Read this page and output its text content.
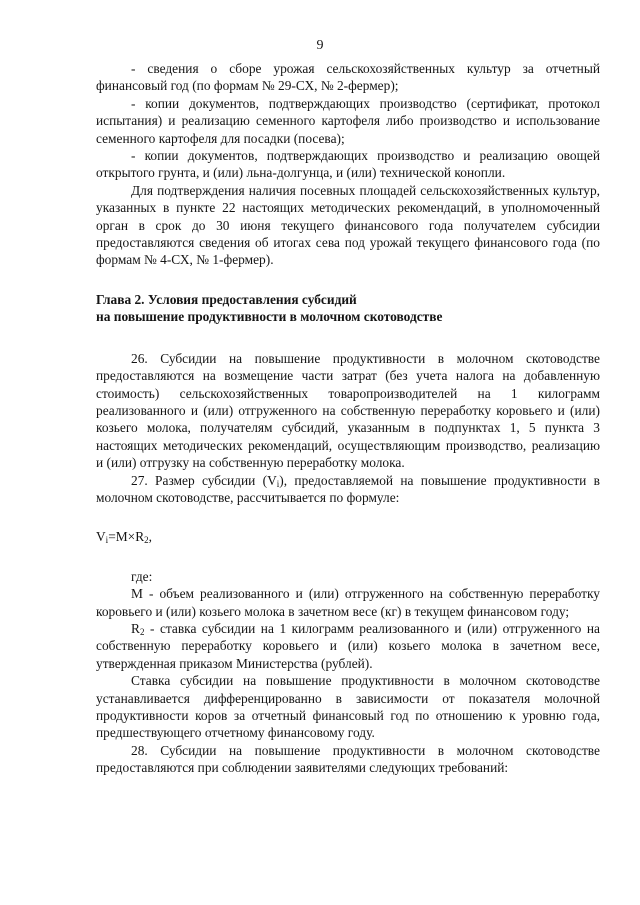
9

- сведения о сборе урожая сельскохозяйственных культур за отчетный финансовый год (по формам № 29-СХ, № 2-фермер);

- копии документов, подтверждающих производство (сертификат, протокол испытания) и реализацию семенного картофеля либо производство и использование семенного картофеля для посадки (посева);

- копии документов, подтверждающих производство и реализацию овощей открытого грунта, и (или) льна-долгунца, и (или) технической конопли.

Для подтверждения наличия посевных площадей сельскохозяйственных культур, указанных в пункте 22 настоящих методических рекомендаций, в уполномоченный орган в срок до 30 июня текущего финансового года получателем субсидии предоставляются сведения об итогах сева под урожай текущего финансового года (по формам № 4-СХ, № 1-фермер).

Глава 2. Условия предоставления субсидий
на повышение продуктивности в молочном скотоводстве

26. Субсидии на повышение продуктивности в молочном скотоводстве предоставляются на возмещение части затрат (без учета налога на добавленную стоимость) сельскохозяйственных товаропроизводителей на 1 килограмм реализованного и (или) отгруженного на собственную переработку коровьего и (или) козьего молока, получателям субсидий, указанным в подпунктах 1, 5 пункта 3 настоящих методических рекомендаций, осуществляющим производство, реализацию и (или) отгрузку на собственную переработку молока.

27. Размер субсидии $(V_i)$, предоставляемой на повышение продуктивности в молочном скотоводстве, рассчитывается по формуле:

$V_i=M\times R_2$,

где:

M - объем реализованного и (или) отгруженного на собственную переработку коровьего и (или) козьего молока в зачетном весе (кг) в текущем финансовом году;

$R_2$ - ставка субсидии на 1 килограмм реализованного и (или) отгруженного на собственную переработку коровьего и (или) козьего молока в зачетном весе, утвержденная приказом Министерства (рублей).

Ставка субсидии на повышение продуктивности в молочном скотоводстве устанавливается дифференцированно в зависимости от показателя молочной продуктивности коров за отчетный финансовый год по отношению к уровню года, предшествующего отчетному финансовому году.

28. Субсидии на повышение продуктивности в молочном скотоводстве предоставляются при соблюдении заявителями следующих требований:
